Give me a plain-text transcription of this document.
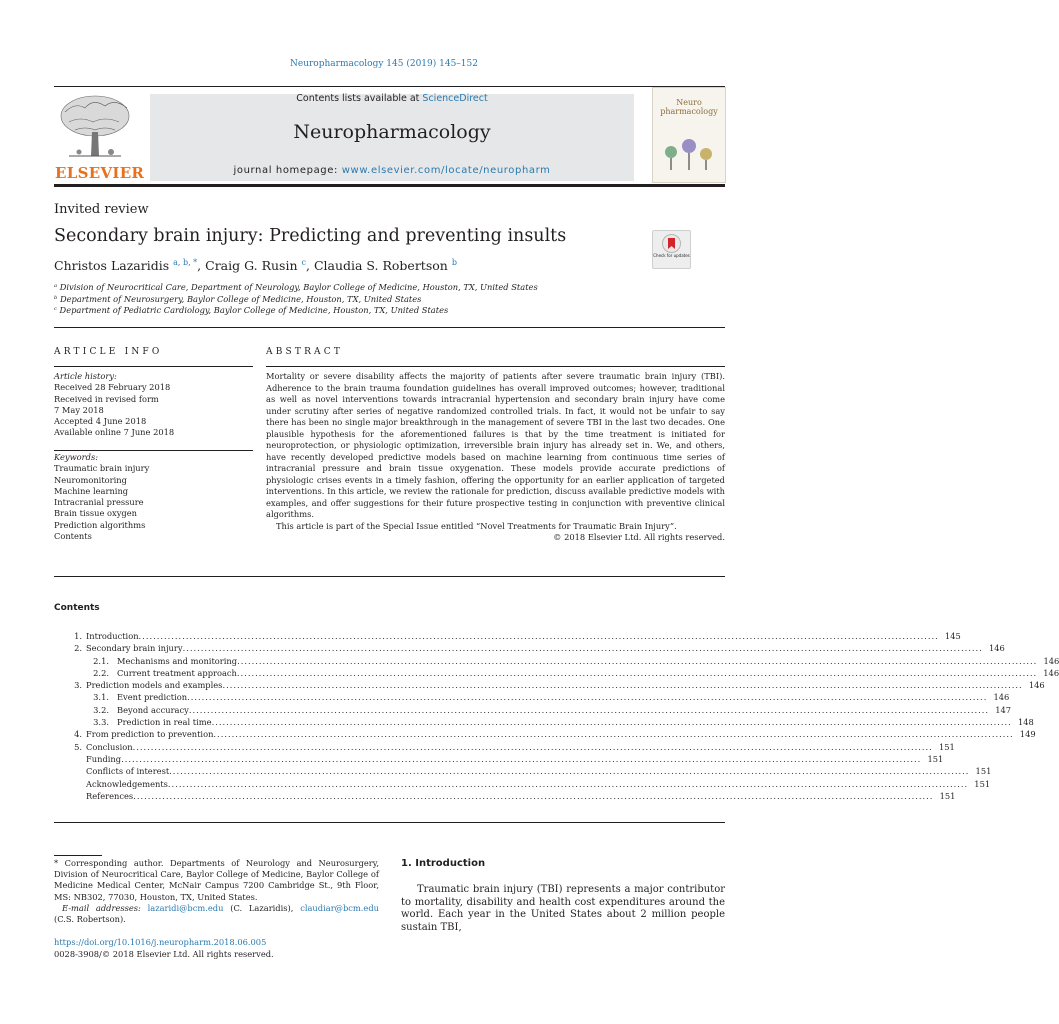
Neuropharmacology 145 (2019) 145–152
ELSEVIER
Contents lists available at ScienceDirect
Neuropharmacology
journal homepage: www.elsevier.com/locate/neuropharm
Neuro pharmacology
Invited review
Secondary brain injury: Predicting and preventing insults
Christos Lazaridis $^{a, b, *}$, Craig G. Rusin $^c$, Claudia S. Robertson $^b$
Check for updates
ᵃ Division of Neurocritical Care, Department of Neurology, Baylor College of Medicine, Houston, TX, United States
ᵇ Department of Neurosurgery, Baylor College of Medicine, Houston, TX, United States
ᶜ Department of Pediatric Cardiology, Baylor College of Medicine, Houston, TX, United States
ARTICLE INFO
Article history:
Received 28 February 2018
Received in revised form
7 May 2018
Accepted 4 June 2018
Available online 7 June 2018
Keywords:
Traumatic brain injury
Neuromonitoring
Machine learning
Intracranial pressure
Brain tissue oxygen
Prediction algorithms
Contents
ABSTRACT

Mortality or severe disability affects the majority of patients after severe traumatic brain injury (TBI). Adherence to the brain trauma foundation guidelines has overall improved outcomes; however, traditional as well as novel interventions towards intracranial hypertension and secondary brain injury have come under scrutiny after series of negative randomized controlled trials. In fact, it would not be unfair to say there has been no single major breakthrough in the management of severe TBI in the last two decades. One plausible hypothesis for the aforementioned failures is that by the time treatment is initiated for neuroprotection, or physiologic optimization, irreversible brain injury has already set in. We, and others, have recently developed predictive models based on machine learning from continuous time series of intracranial pressure and brain tissue oxygenation. These models provide accurate predictions of physiologic crises events in a timely fashion, offering the opportunity for an earlier application of targeted interventions. In this article, we review the rationale for prediction, discuss available predictive models with examples, and offer suggestions for their future prospective testing in conjunction with preventive clinical algorithms.

This article is part of the Special Issue entitled “Novel Treatments for Traumatic Brain Injury”.

© 2018 Elsevier Ltd. All rights reserved.

Contents
1. Introduction ............................................................................................................................................................................................................................ 145
2. Secondary brain injury ............................................................................................................................................................................................................................ 146
2.1. Mechanisms and monitoring ............................................................................................................................................................................................................................ 146
2.2. Current treatment approach ............................................................................................................................................................................................................................ 146
3. Prediction models and examples ............................................................................................................................................................................................................................ 146
3.1. Event prediction ............................................................................................................................................................................................................................ 146
3.2. Beyond accuracy ............................................................................................................................................................................................................................ 147
3.3. Prediction in real time ............................................................................................................................................................................................................................ 148
4. From prediction to prevention ............................................................................................................................................................................................................................ 149
5. Conclusion ............................................................................................................................................................................................................................ 151
Funding ............................................................................................................................................................................................................................ 151
Conflicts of interest ............................................................................................................................................................................................................................ 151
Acknowledgements ............................................................................................................................................................................................................................ 151
References ............................................................................................................................................................................................................................ 151
* Corresponding author. Departments of Neurology and Neurosurgery, Division of Neurocritical Care, Baylor College of Medicine, Baylor College of Medicine Medical Center, McNair Campus 7200 Cambridge St., 9th Floor, MS: NB302, 77030, Houston, TX, United States.
E-mail addresses: lazaridi@bcm.edu (C. Lazaridis), claudiar@bcm.edu (C.S. Robertson).
https://doi.org/10.1016/j.neuropharm.2018.06.005
0028-3908/© 2018 Elsevier Ltd. All rights reserved.
1. Introduction
Traumatic brain injury (TBI) represents a major contributor to mortality, disability and health cost expenditures around the world. Each year in the United States about 2 million people sustain TBI,
